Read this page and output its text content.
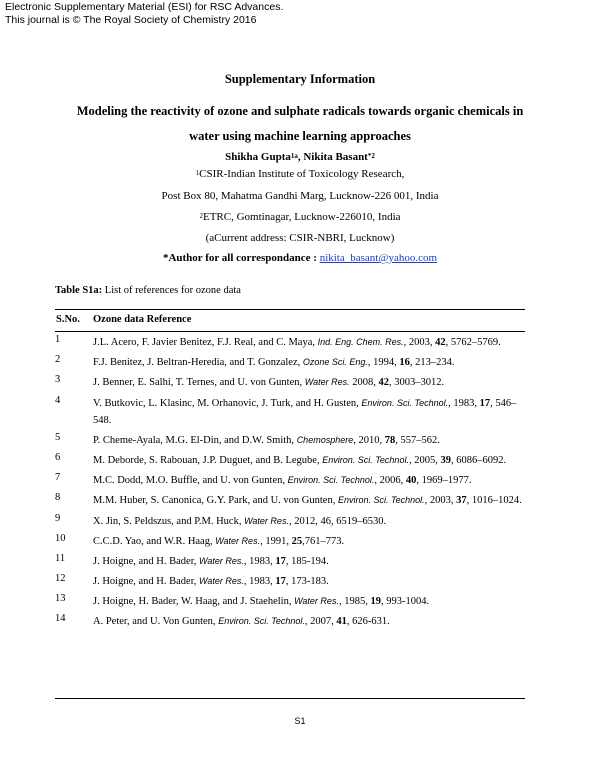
Electronic Supplementary Material (ESI) for RSC Advances.
This journal is © The Royal Society of Chemistry 2016
Supplementary Information
Modeling the reactivity of ozone and sulphate radicals towards organic chemicals in
water using machine learning approaches
Shikha Gupta$^{1a}$, Nikita Basant$^{*2}$
$^1$CSIR-Indian Institute of Toxicology Research,
Post Box 80, Mahatma Gandhi Marg, Lucknow-226 001, India
$^2$ETRC, Gomtinagar, Lucknow-226010, India
(aCurrent address: CSIR-NBRI, Lucknow)
*Author for all correspondance : nikita_basant@yahoo.com
Table S1a: List of references for ozone data
S.No. Ozone data Reference
1	J.L. Acero, F. Javier Benitez, F.J. Real, and C. Maya, Ind. Eng. Chem. Res., 2003, 42, 5762–5769.
2	F.J. Benitez, J. Beltran-Heredia, and T. Gonzalez, Ozone Sci. Eng., 1994, 16, 213–234.
3	J. Benner, E. Salhi, T. Ternes, and U. von Gunten, Water Res. 2008, 42, 3003–3012.
4	V. Butkovic, L. Klasinc, M. Orhanovic, J. Turk, and H. Gusten, Environ. Sci. Technol., 1983, 17, 546–548.
5	P. Cheme-Ayala, M.G. El-Din, and D.W. Smith, Chemosphere, 2010, 78, 557–562.
6	M. Deborde, S. Rabouan, J.P. Duguet, and B. Legube, Environ. Sci. Technol., 2005, 39, 6086–6092.
7	M.C. Dodd, M.O. Buffle, and U. von Gunten, Environ. Sci. Technol., 2006, 40, 1969–1977.
8	M.M. Huber, S. Canonica, G.Y. Park, and U. von Gunten, Environ. Sci. Technol., 2003, 37, 1016–1024.
9	X. Jin, S. Peldszus, and P.M. Huck, Water Res., 2012, 46, 6519–6530.
10	C.C.D. Yao, and W.R. Haag, Water Res., 1991, 25,761–773.
11	J. Hoigne, and H. Bader, Water Res., 1983, 17, 185-194.
12	J. Hoigne, and H. Bader, Water Res., 1983, 17, 173-183.
13	J. Hoigne, H. Bader, W. Haag, and J. Staehelin, Water Res., 1985, 19, 993-1004.
14	A. Peter, and U. Von Gunten, Environ. Sci. Technol., 2007, 41, 626-631.
S1
